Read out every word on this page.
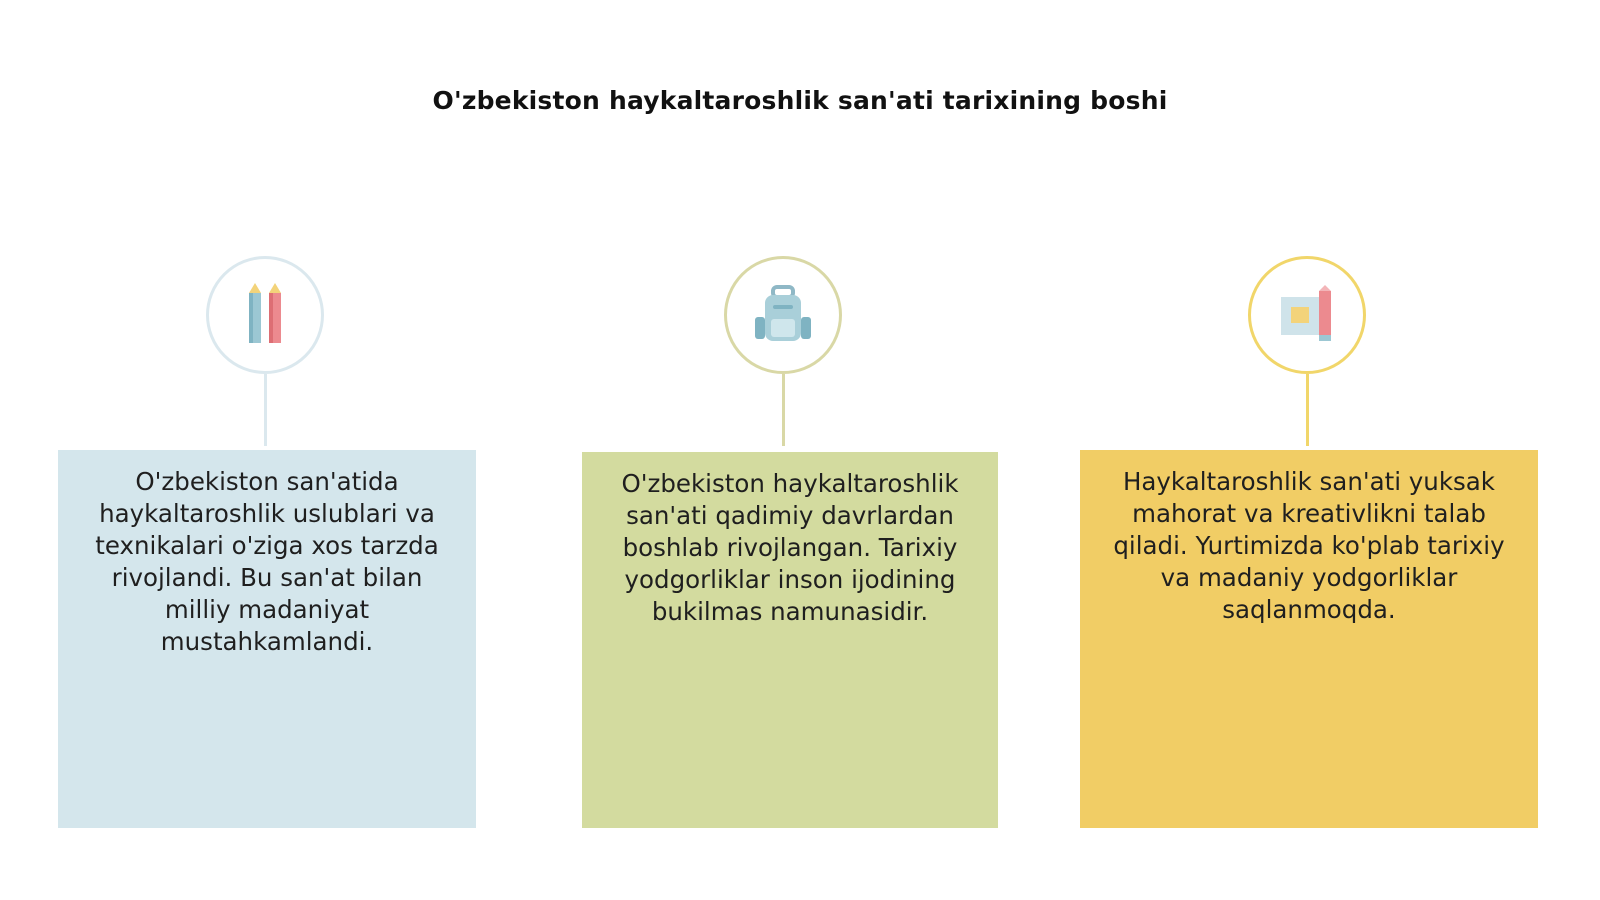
O'zbekiston haykaltaroshlik san'ati tarixining boshi

O'zbekiston san'atida haykaltaroshlik uslublari va texnikalari o'ziga xos tarzda rivojlandi. Bu san'at bilan milliy madaniyat mustahkamlandi.

O'zbekiston haykaltaroshlik san'ati qadimiy davrlardan boshlab rivojlangan. Tarixiy yodgorliklar inson ijodining bukilmas namunasidir.

Haykaltaroshlik san'ati yuksak mahorat va kreativlikni talab qiladi. Yurtimizda ko'plab tarixiy va madaniy yodgorliklar saqlanmoqda.
